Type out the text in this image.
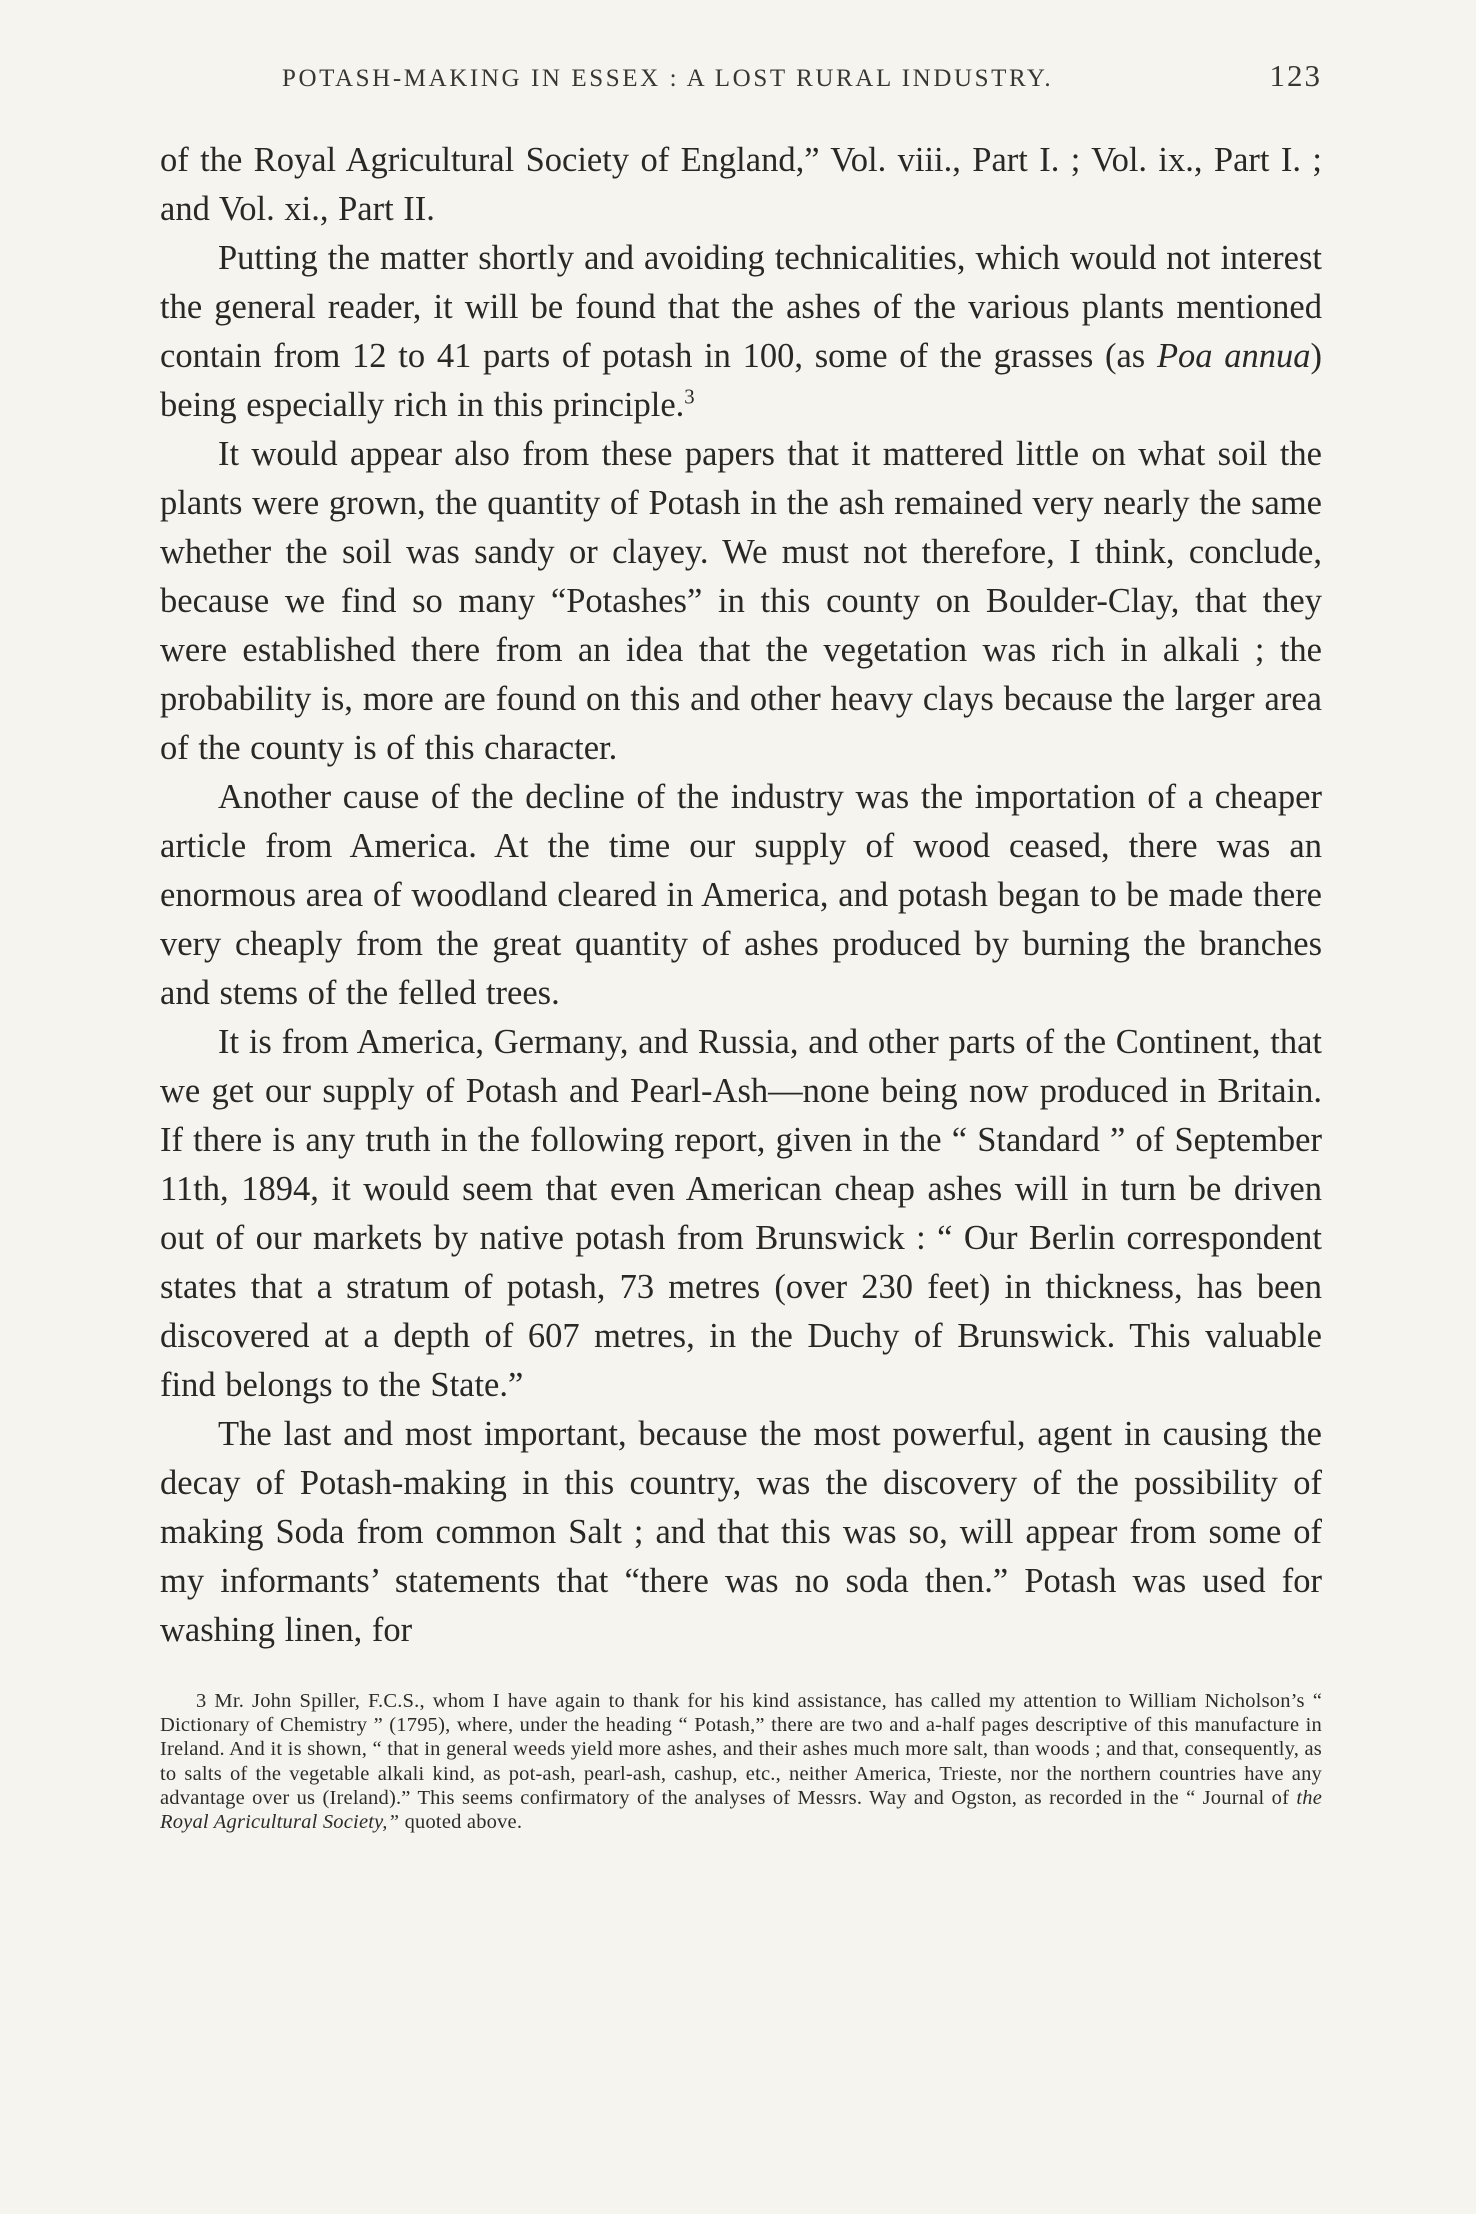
POTASH-MAKING IN ESSEX : A LOST RURAL INDUSTRY.	123

of the Royal Agricultural Society of England,” Vol. viii., Part I. ; Vol. ix., Part I. ; and Vol. xi., Part II.

Putting the matter shortly and avoiding technicalities, which would not interest the general reader, it will be found that the ashes of the various plants mentioned contain from 12 to 41 parts of potash in 100, some of the grasses (as Poa annua) being especially rich in this principle.$^3$

It would appear also from these papers that it mattered little on what soil the plants were grown, the quantity of Potash in the ash remained very nearly the same whether the soil was sandy or clayey. We must not therefore, I think, conclude, because we find so many “Potashes” in this county on Boulder-Clay, that they were established there from an idea that the vegetation was rich in alkali ; the probability is, more are found on this and other heavy clays because the larger area of the county is of this character.

Another cause of the decline of the industry was the importation of a cheaper article from America. At the time our supply of wood ceased, there was an enormous area of woodland cleared in America, and potash began to be made there very cheaply from the great quantity of ashes produced by burning the branches and stems of the felled trees.

It is from America, Germany, and Russia, and other parts of the Continent, that we get our supply of Potash and Pearl-Ash—none being now produced in Britain. If there is any truth in the following report, given in the “ Standard ” of September 11th, 1894, it would seem that even American cheap ashes will in turn be driven out of our markets by native potash from Brunswick : “ Our Berlin correspondent states that a stratum of potash, 73 metres (over 230 feet) in thickness, has been discovered at a depth of 607 metres, in the Duchy of Brunswick. This valuable find belongs to the State.”

The last and most important, because the most powerful, agent in causing the decay of Potash-making in this country, was the discovery of the possibility of making Soda from common Salt ; and that this was so, will appear from some of my informants’ statements that “there was no soda then.” Potash was used for washing linen, for

3 Mr. John Spiller, F.C.S., whom I have again to thank for his kind assistance, has called my attention to William Nicholson’s “ Dictionary of Chemistry ” (1795), where, under the heading “ Potash,” there are two and a-half pages descriptive of this manufacture in Ireland. And it is shown, “ that in general weeds yield more ashes, and their ashes much more salt, than woods ; and that, consequently, as to salts of the vegetable alkali kind, as pot-ash, pearl-ash, cashup, etc., neither America, Trieste, nor the northern countries have any advantage over us (Ireland).” This seems confirmatory of the analyses of Messrs. Way and Ogston, as recorded in the “ Journal of the Royal Agricultural Society,” quoted above.
